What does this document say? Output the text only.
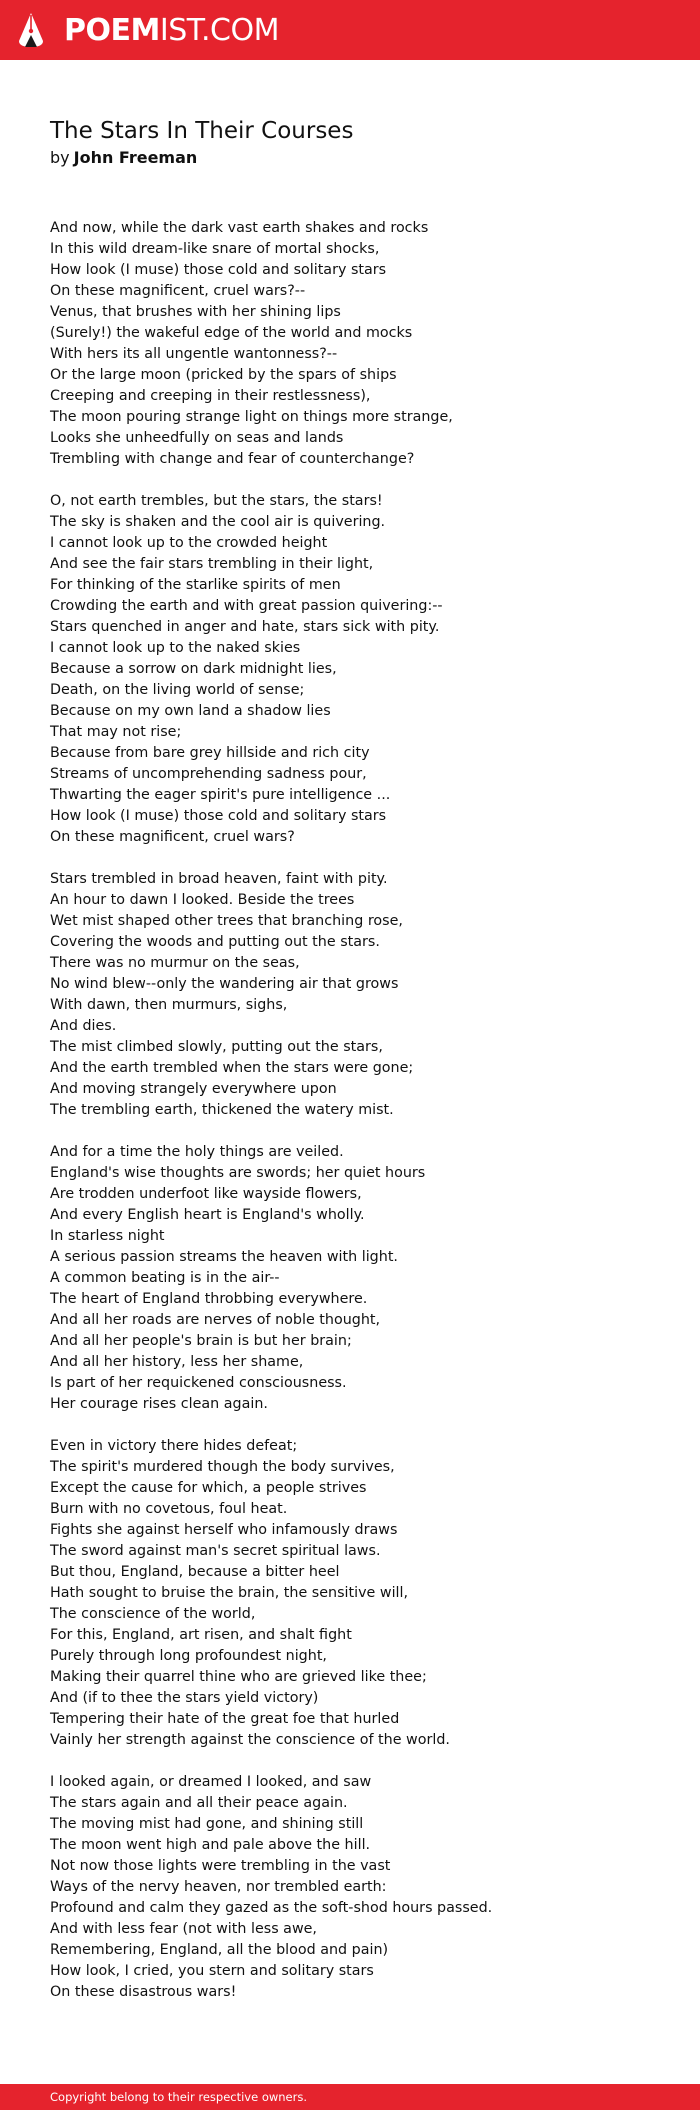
POEMIST.COM
The Stars In Their Courses
by John Freeman
And now, while the dark vast earth shakes and rocks
In this wild dream-like snare of mortal shocks,
How look (I muse) those cold and solitary stars
On these magnificent, cruel wars?--
Venus, that brushes with her shining lips
(Surely!) the wakeful edge of the world and mocks
With hers its all ungentle wantonness?--
Or the large moon (pricked by the spars of ships
Creeping and creeping in their restlessness),
The moon pouring strange light on things more strange,
Looks she unheedfully on seas and lands
Trembling with change and fear of counterchange?
O, not earth trembles, but the stars, the stars!
The sky is shaken and the cool air is quivering.
I cannot look up to the crowded height
And see the fair stars trembling in their light,
For thinking of the starlike spirits of men
Crowding the earth and with great passion quivering:--
Stars quenched in anger and hate, stars sick with pity.
I cannot look up to the naked skies
Because a sorrow on dark midnight lies,
Death, on the living world of sense;
Because on my own land a shadow lies
That may not rise;
Because from bare grey hillside and rich city
Streams of uncomprehending sadness pour,
Thwarting the eager spirit's pure intelligence ...
How look (I muse) those cold and solitary stars
On these magnificent, cruel wars?
Stars trembled in broad heaven, faint with pity.
An hour to dawn I looked. Beside the trees
Wet mist shaped other trees that branching rose,
Covering the woods and putting out the stars.
There was no murmur on the seas,
No wind blew--only the wandering air that grows
With dawn, then murmurs, sighs,
And dies.
The mist climbed slowly, putting out the stars,
And the earth trembled when the stars were gone;
And moving strangely everywhere upon
The trembling earth, thickened the watery mist.
And for a time the holy things are veiled.
England's wise thoughts are swords; her quiet hours
Are trodden underfoot like wayside flowers,
And every English heart is England's wholly.
In starless night
A serious passion streams the heaven with light.
A common beating is in the air--
The heart of England throbbing everywhere.
And all her roads are nerves of noble thought,
And all her people's brain is but her brain;
And all her history, less her shame,
Is part of her requickened consciousness.
Her courage rises clean again.
Even in victory there hides defeat;
The spirit's murdered though the body survives,
Except the cause for which, a people strives
Burn with no covetous, foul heat.
Fights she against herself who infamously draws
The sword against man's secret spiritual laws.
But thou, England, because a bitter heel
Hath sought to bruise the brain, the sensitive will,
The conscience of the world,
For this, England, art risen, and shalt fight
Purely through long profoundest night,
Making their quarrel thine who are grieved like thee;
And (if to thee the stars yield victory)
Tempering their hate of the great foe that hurled
Vainly her strength against the conscience of the world.
I looked again, or dreamed I looked, and saw
The stars again and all their peace again.
The moving mist had gone, and shining still
The moon went high and pale above the hill.
Not now those lights were trembling in the vast
Ways of the nervy heaven, nor trembled earth:
Profound and calm they gazed as the soft-shod hours passed.
And with less fear (not with less awe,
Remembering, England, all the blood and pain)
How look, I cried, you stern and solitary stars
On these disastrous wars!
Copyright belong to their respective owners.
